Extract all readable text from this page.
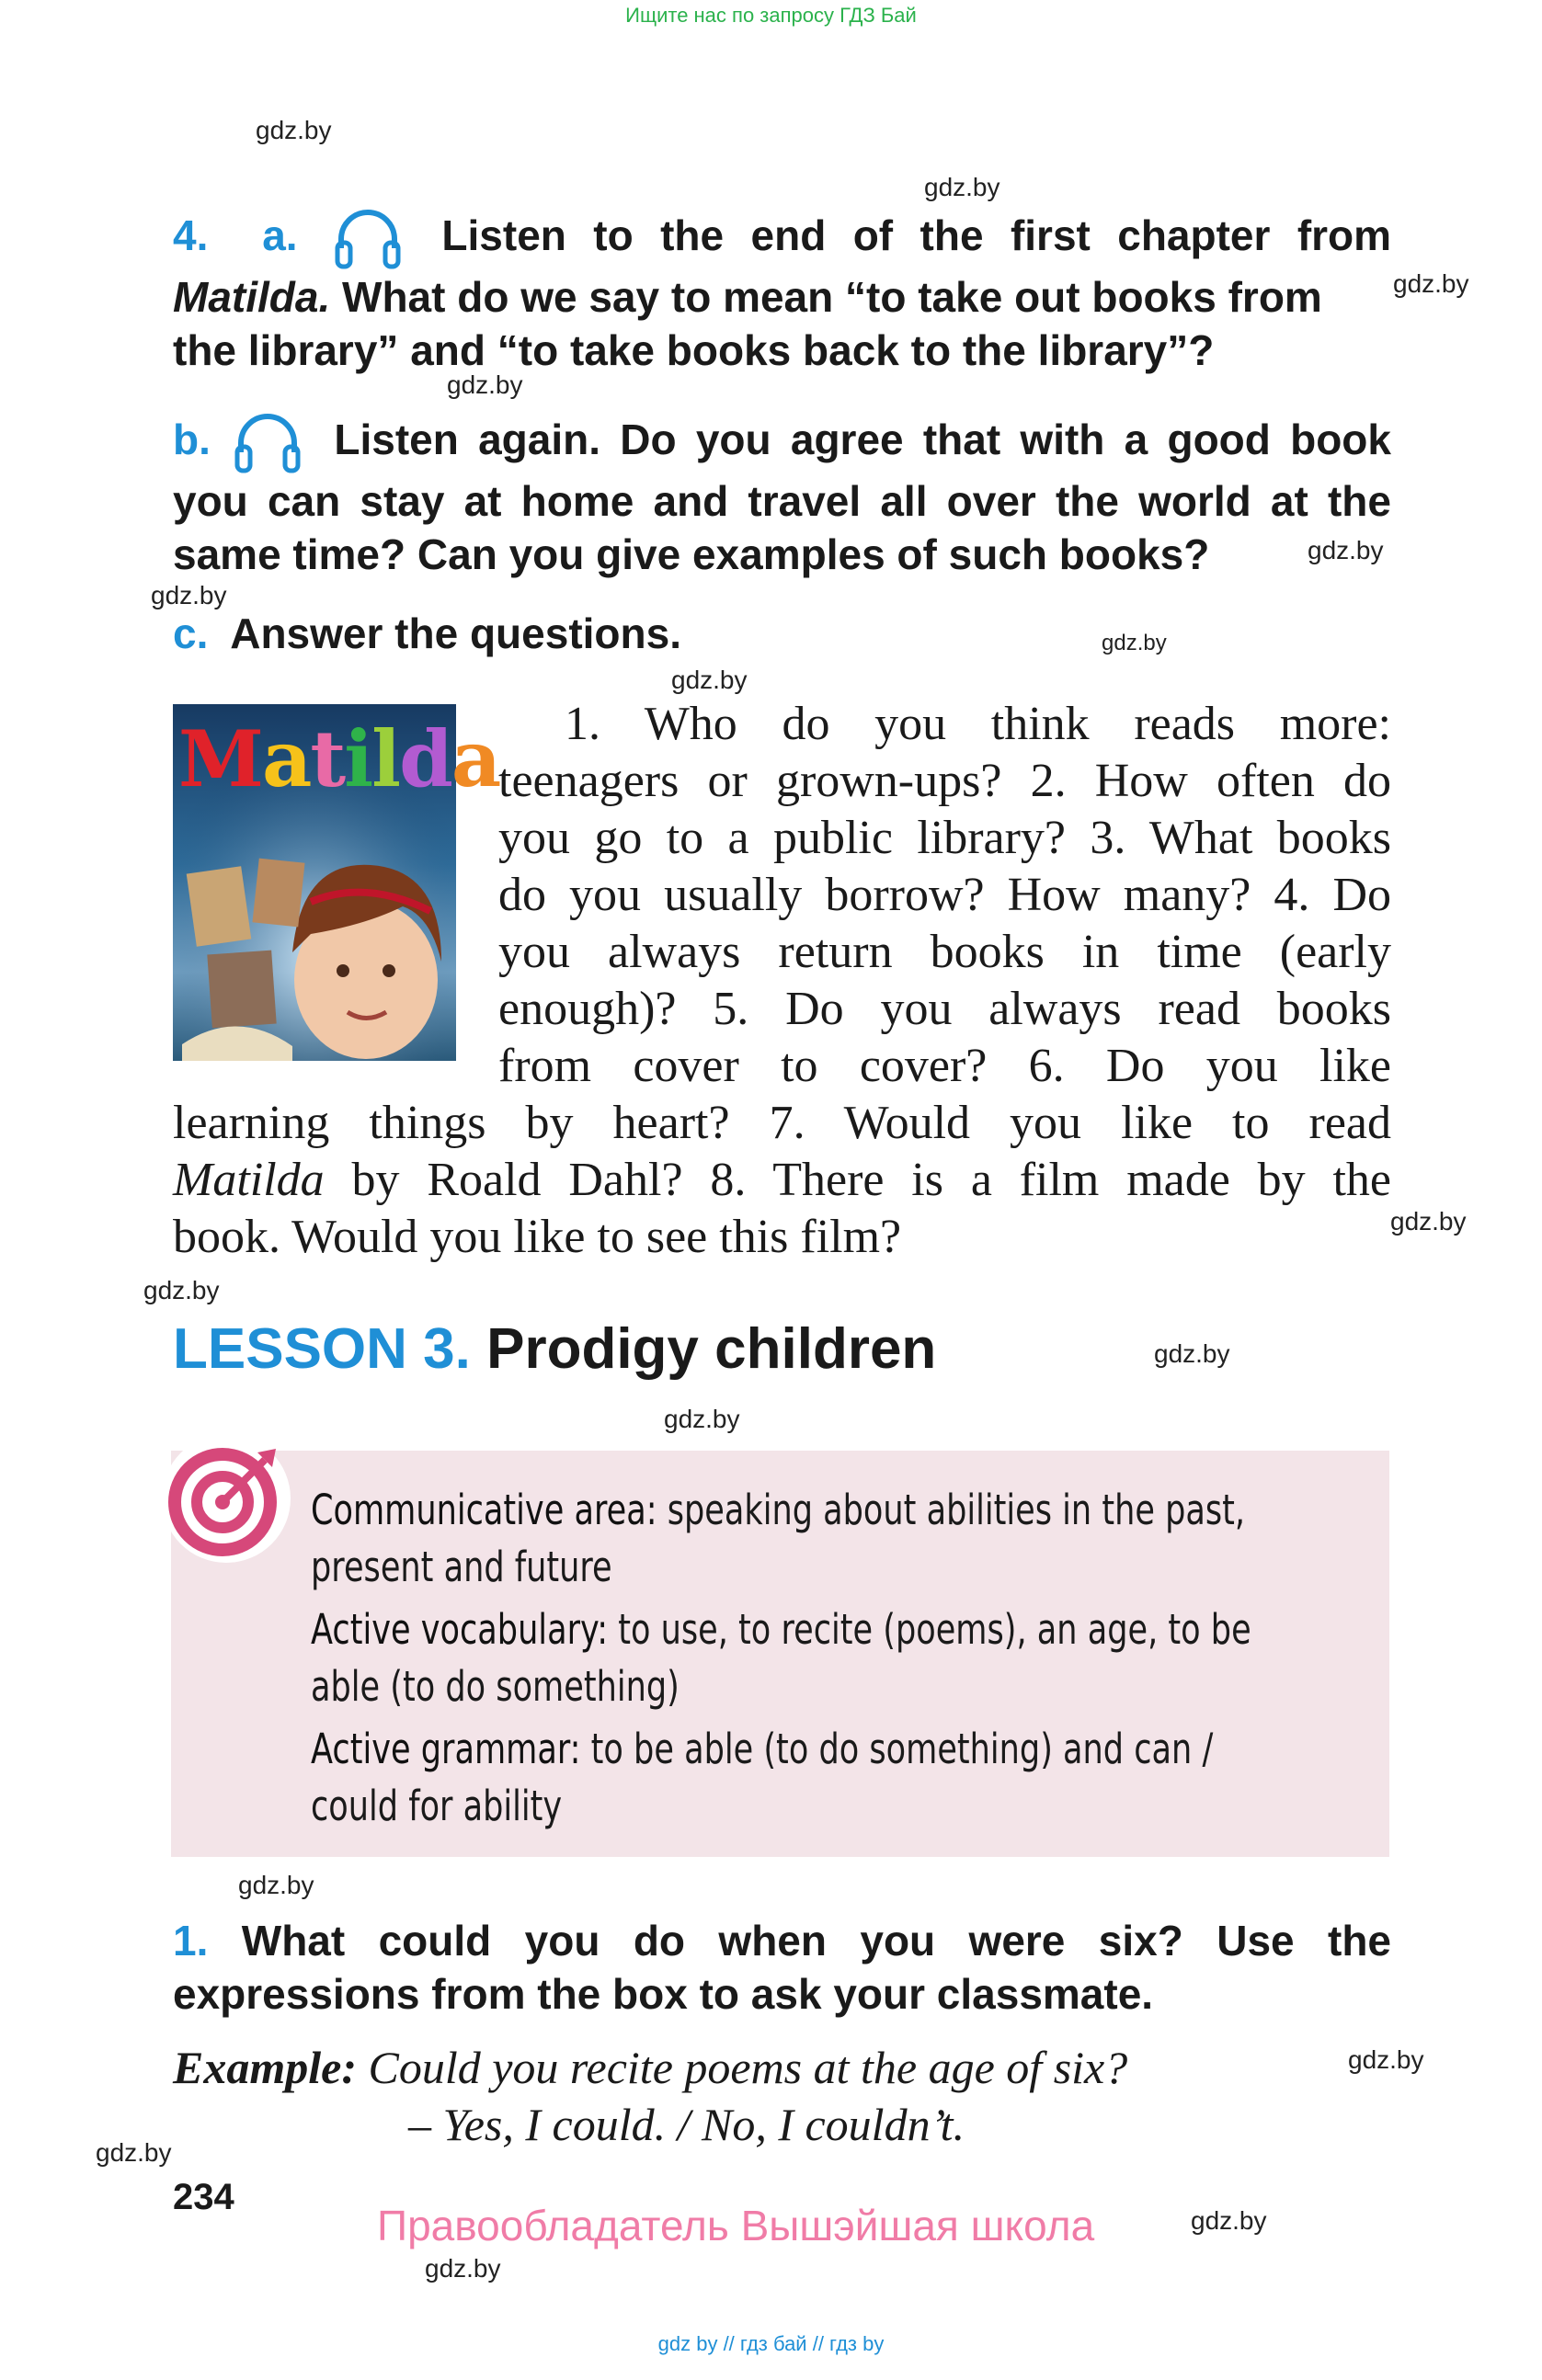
Ищите нас по запросу ГДЗ Бай
gdz.by
gdz.by
gdz.by
gdz.by
gdz.by
gdz.by
gdz.by
gdz.by
gdz.by
gdz.by
gdz.by
gdz.by
gdz.by
gdz.by
gdz.by
gdz.by
gdz.by
4. a.	Listen to the end of the first chapter from
Matilda. What do we say to mean “to take out books from
the library” and “to take books back to the library”?
b.	Listen again. Do you agree that with a good book
you can stay at home and travel all over the world at the
same time? Can you give examples of such books?
c. Answer the questions.
Matilda	1. Who do you think reads more:
teenagers or grown-ups? 2. How often do
you go to a public library? 3. What books
do you usually borrow? How many? 4. Do
you always return books in time (early
enough)? 5. Do you always read books
from cover to cover? 6. Do you like
learning things by heart? 7. Would you like to read
Matilda by Roald Dahl? 8. There is a film made by the
book. Would you like to see this film?
LESSON 3. Prodigy children
Communicative area: speaking about abilities in the past,
present and future
Active vocabulary: to use, to recite (poems), an age, to be
able (to do something)
Active grammar: to be able (to do something) and can /
could for ability
1. What could you do when you were six? Use the
expressions from the box to ask your classmate.
Example: Could you recite poems at the age of six?
– Yes, I could. / No, I couldn’t.
234
Правообладатель Вышэйшая школа
gdz by // гдз бай // гдз by
